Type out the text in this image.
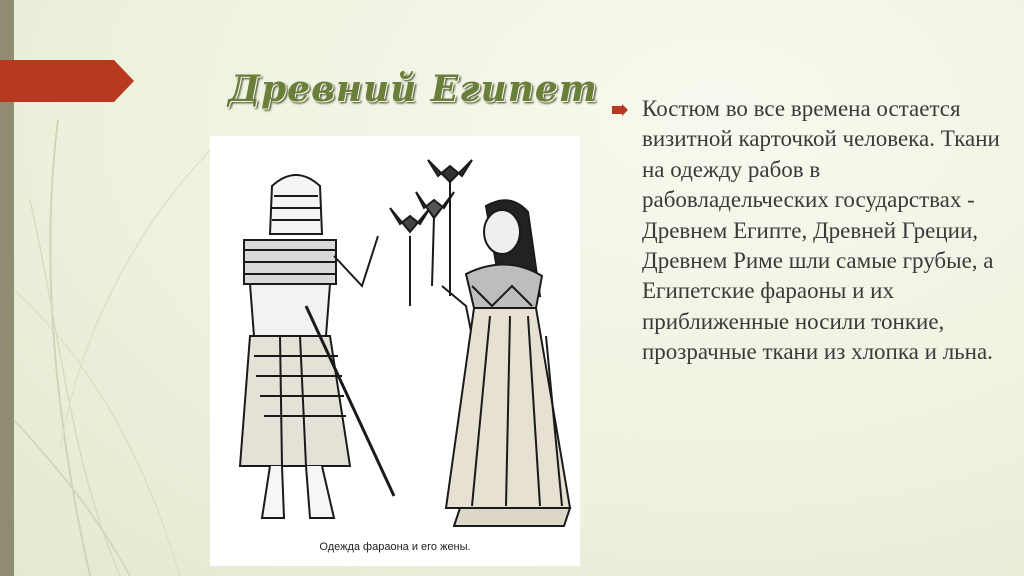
Древний Египет
Одежда фараона и его жены.

Костюм во все времена остается визитной карточкой человека. Ткани на одежду рабов в рабовладельческих государствах - Древнем Египте, Древней Греции, Древнем Риме шли самые грубые, а Египетские фараоны и их приближенные носили тонкие, прозрачные ткани из хлопка и льна.
